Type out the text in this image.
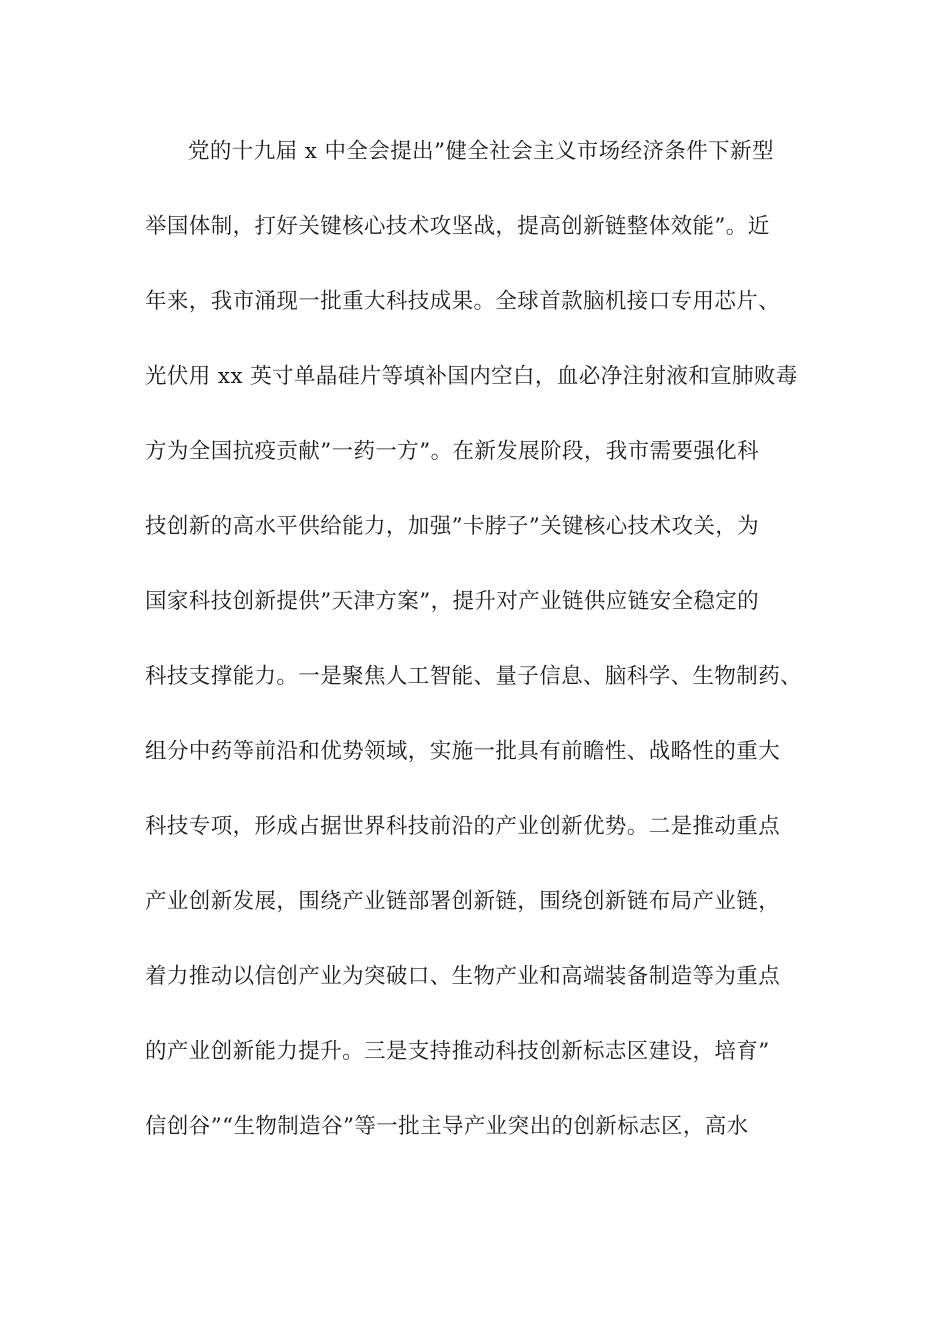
党的十九届 x 中全会提出”健全社会主义市场经济条件下新型
举国体制，打好关键核心技术攻坚战，提高创新链整体效能”。近
年来，我市涌现一批重大科技成果。全球首款脑机接口专用芯片、
光伏用 xx 英寸单晶硅片等填补国内空白，血必净注射液和宣肺败毒
方为全国抗疫贡献”一药一方”。在新发展阶段，我市需要强化科
技创新的高水平供给能力，加强”卡脖子”关键核心技术攻关，为
国家科技创新提供”天津方案”，提升对产业链供应链安全稳定的
科技支撑能力。一是聚焦人工智能、量子信息、脑科学、生物制药、
组分中药等前沿和优势领域，实施一批具有前瞻性、战略性的重大
科技专项，形成占据世界科技前沿的产业创新优势。二是推动重点
产业创新发展，围绕产业链部署创新链，围绕创新链布局产业链，
着力推动以信创产业为突破口、生物产业和高端装备制造等为重点
的产业创新能力提升。三是支持推动科技创新标志区建设，培育”
信创谷”“生物制造谷”等一批主导产业突出的创新标志区，高水
